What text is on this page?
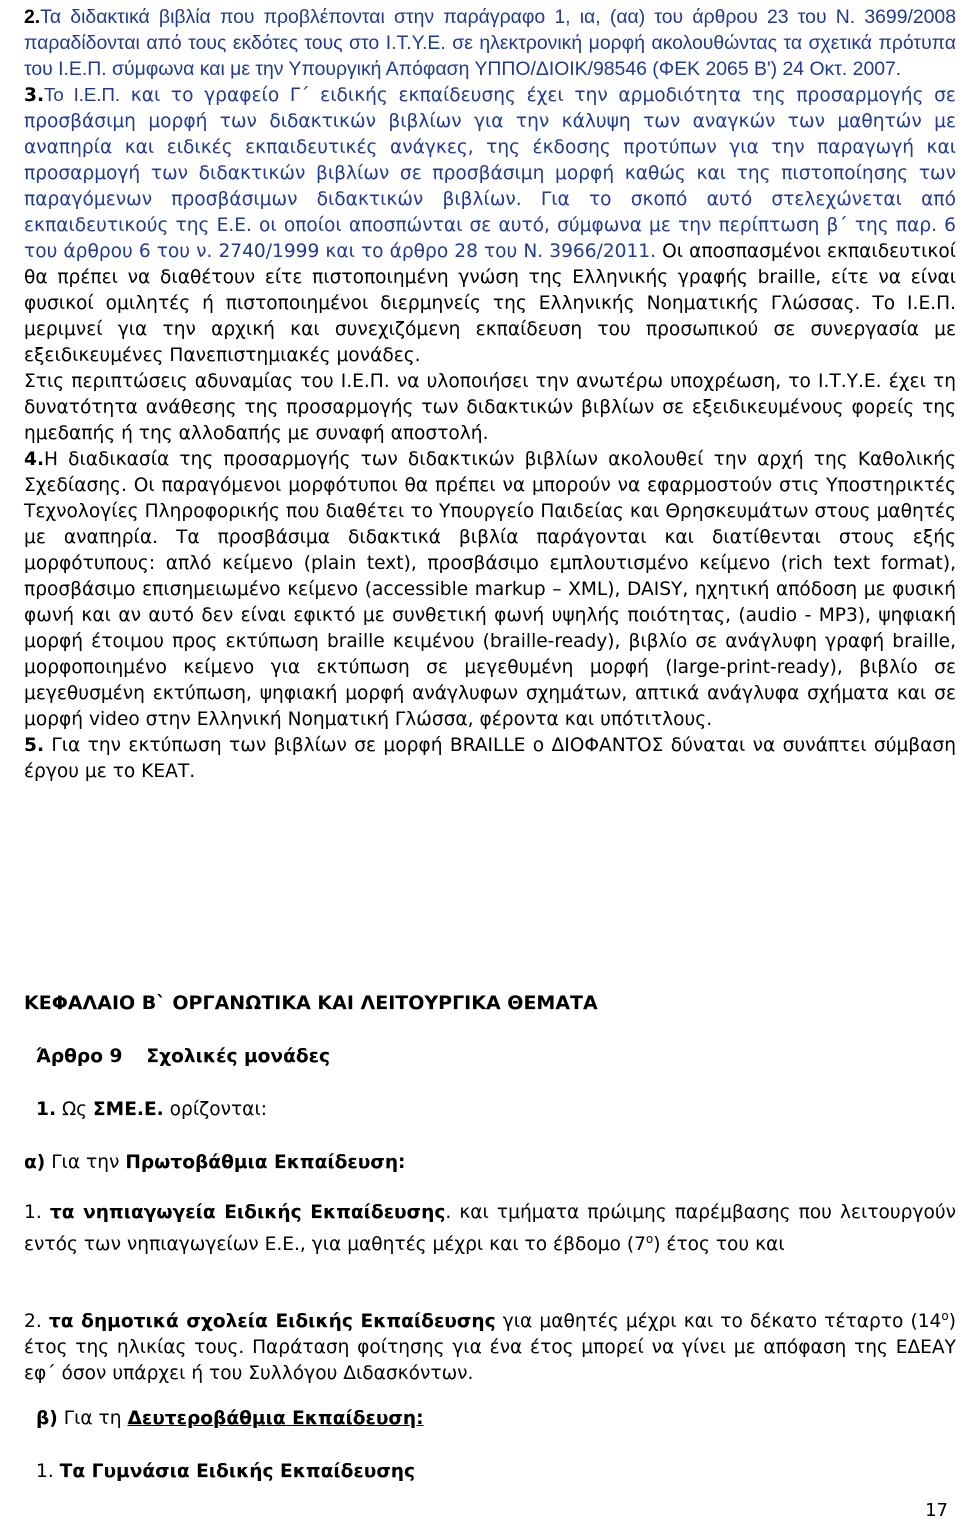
2.Τα διδακτικά βιβλία που προβλέπονται στην παράγραφο 1, ια, (αα) του άρθρου 23 του Ν. 3699/2008 παραδίδονται από τους εκδότες τους στο Ι.Τ.Υ.Ε. σε ηλεκτρονική μορφή ακολουθώντας τα σχετικά πρότυπα του Ι.Ε.Π. σύμφωνα και με την Υπουργική Απόφαση ΥΠΠΟ/ΔΙΟΙΚ/98546 (ΦΕΚ 2065 Β') 24 Οκτ. 2007.

3.Το Ι.Ε.Π. και το γραφείο Γ΄ ειδικής εκπαίδευσης έχει την αρμοδιότητα της προσαρμογής σε προσβάσιμη μορφή των διδακτικών βιβλίων για την κάλυψη των αναγκών των μαθητών με αναπηρία και ειδικές εκπαιδευτικές ανάγκες, της έκδοσης προτύπων για την παραγωγή και προσαρμογή των διδακτικών βιβλίων σε προσβάσιμη μορφή καθώς και της πιστοποίησης των παραγόμενων προσβάσιμων διδακτικών βιβλίων. Για το σκοπό αυτό στελεχώνεται από εκπαιδευτικούς της Ε.Ε. οι οποίοι αποσπώνται σε αυτό, σύμφωνα με την περίπτωση β΄ της παρ. 6 του άρθρου 6 του ν. 2740/1999 και το άρθρο 28 του Ν. 3966/2011. Οι αποσπασμένοι εκπαιδευτικοί θα πρέπει να διαθέτουν είτε πιστοποιημένη γνώση της Ελληνικής γραφής braille, είτε να είναι φυσικοί ομιλητές ή πιστοποιημένοι διερμηνείς της Ελληνικής Νοηματικής Γλώσσας. Το Ι.Ε.Π. μεριμνεί για την αρχική και συνεχιζόμενη εκπαίδευση του προσωπικού σε συνεργασία με εξειδικευμένες Πανεπιστημιακές μονάδες.

Στις περιπτώσεις αδυναμίας του Ι.Ε.Π. να υλοποιήσει την ανωτέρω υποχρέωση, το Ι.Τ.Υ.Ε. έχει τη δυνατότητα ανάθεσης της προσαρμογής των διδακτικών βιβλίων σε εξειδικευμένους φορείς της ημεδαπής ή της αλλοδαπής με συναφή αποστολή.

4.Η διαδικασία της προσαρμογής των διδακτικών βιβλίων ακολουθεί την αρχή της Καθολικής Σχεδίασης. Οι παραγόμενοι μορφότυποι θα πρέπει να μπορούν να εφαρμοστούν στις Υποστηρικτές Τεχνολογίες Πληροφορικής που διαθέτει το Υπουργείο Παιδείας και Θρησκευμάτων στους μαθητές με αναπηρία. Τα προσβάσιμα διδακτικά βιβλία παράγονται και διατίθενται στους εξής μορφότυπους: απλό κείμενο (plain text), προσβάσιμο εμπλουτισμένο κείμενο (rich text format), προσβάσιμο επισημειωμένο κείμενο (accessible markup – XML), DAISY, ηχητική απόδοση με φυσική φωνή και αν αυτό δεν είναι εφικτό με συνθετική φωνή υψηλής ποιότητας, (audio - MP3), ψηφιακή μορφή έτοιμου προς εκτύπωση braille κειμένου (braille-ready), βιβλίο σε ανάγλυφη γραφή braille, μορφοποιημένο κείμενο για εκτύπωση σε μεγεθυμένη μορφή (large-print-ready), βιβλίο σε μεγεθυσμένη εκτύπωση, ψηφιακή μορφή ανάγλυφων σχημάτων, απτικά ανάγλυφα σχήματα και σε μορφή video στην Ελληνική Νοηματική Γλώσσα, φέροντα και υπότιτλους.

5. Για την εκτύπωση των βιβλίων σε μορφή BRAILLE ο ΔΙΟΦΑΝΤΟΣ δύναται να συνάπτει σύμβαση έργου με το ΚΕΑΤ.

ΚΕΦΑΛΑΙΟ Β` ΟΡΓΑΝΩΤΙΚΑ ΚΑΙ ΛΕΙΤΟΥΡΓΙΚΑ ΘΕΜΑΤΑ

Άρθρο 9 Σχολικές μονάδες

1. Ως ΣΜΕ.Ε. ορίζονται:

α) Για την Πρωτοβάθμια Εκπαίδευση:

1. τα νηπιαγωγεία Ειδικής Εκπαίδευσης. και τμήματα πρώιμης παρέμβασης που λειτουργούν εντός των νηπιαγωγείων Ε.Ε., για μαθητές μέχρι και το έβδομο $(7^o)$ έτος του και

2. τα δημοτικά σχολεία Ειδικής Εκπαίδευσης για μαθητές μέχρι και το δέκατο τέταρτο $(14^o)$ έτος της ηλικίας τους. Παράταση φοίτησης για ένα έτος μπορεί να γίνει με απόφαση της ΕΔΕΑΥ εφ΄ όσον υπάρχει ή του Συλλόγου Διδασκόντων.

β) Για τη Δευτεροβάθμια Εκπαίδευση:

1. Τα Γυμνάσια Ειδικής Εκπαίδευσης

17
